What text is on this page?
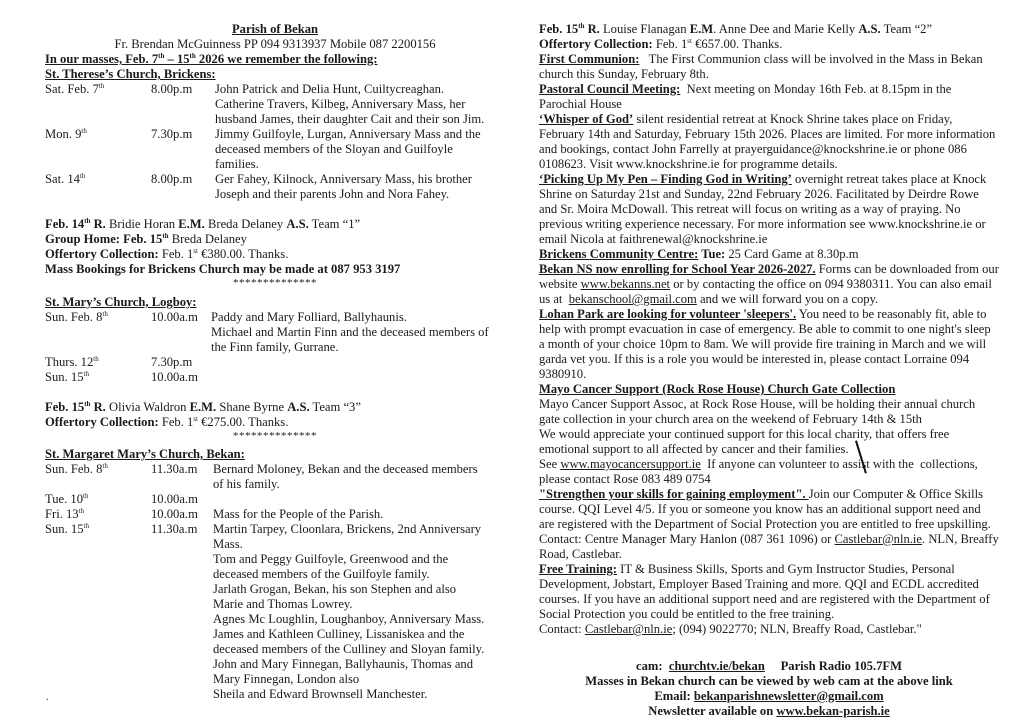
Parish of Bekan
Fr. Brendan McGuinness PP 094 9313937 Mobile 087 2200156
In our masses, Feb. 7th – 15th 2026 we remember the following:
St. Therese’s Church, Brickens:
Sat. Feb. 7th	8.00p.m John Patrick and Delia Hunt, Cuiltycreaghan.
Catherine Travers, Kilbeg, Anniversary Mass, her
husband James, their daughter Cait and their son Jim.
Mon. 9th	7.30p.m Jimmy Guilfoyle, Lurgan, Anniversary Mass and the
deceased members of the Sloyan and Guilfoyle
families.
Sat. 14th	8.00p.m Ger Fahey, Kilnock, Anniversary Mass, his brother
Joseph and their parents John and Nora Fahey.
Feb. 14th R. Bridie Horan E.M. Breda Delaney A.S. Team “1”
Group Home: Feb. 15th Breda Delaney
Offertory Collection: Feb. 1st €380.00. Thanks.
Mass Bookings for Brickens Church may be made at 087 953 3197
**************
St. Mary’s Church, Logboy:
Sun. Feb. 8th	10.00a.m Paddy and Mary Folliard, Ballyhaunis.
Michael and Martin Finn and the deceased members of
the Finn family, Gurrane.
Thurs. 12th	7.30p.m
Sun. 15th	10.00a.m
Feb. 15th R. Olivia Waldron E.M. Shane Byrne A.S. Team “3”
Offertory Collection: Feb. 1st €275.00. Thanks.
**************
St. Margaret Mary’s Church, Bekan:
Sun. Feb. 8th	11.30a.m Bernard Moloney, Bekan and the deceased members
of his family.
Tue. 10th	10.00a.m
Fri. 13th	10.00a.m Mass for the People of the Parish.
Sun. 15th	11.30a.m Martin Tarpey, Cloonlara, Brickens, 2nd Anniversary
Mass.
Tom and Peggy Guilfoyle, Greenwood and the
deceased members of the Guilfoyle family.
Jarlath Grogan, Bekan, his son Stephen and also
Marie and Thomas Lowrey.
Agnes Mc Loughlin, Loughanboy, Anniversary Mass.
James and Kathleen Culliney, Lissaniskea and the
deceased members of the Culliney and Sloyan family.
John and Mary Finnegan, Ballyhaunis, Thomas and
Mary Finnegan, London also
Sheila and Edward Brownsell Manchester.
.
Feb. 15th R. Louise Flanagan E.M. Anne Dee and Marie Kelly A.S. Team “2”
Offertory Collection: Feb. 1st €657.00. Thanks.

First Communion:   The First Communion class will be involved in the Mass in Bekan church this Sunday, February 8th.

Pastoral Council Meeting:  Next meeting on Monday 16th Feb. at 8.15pm in the Parochial House

‘Whisper of God’ silent residential retreat at Knock Shrine takes place on Friday, February 14th and Saturday, February 15th 2026. Places are limited. For more information and bookings, contact John Farrelly at prayerguidance@knockshrine.ie or phone 086 0108623. Visit www.knockshrine.ie for programme details.

‘Picking Up My Pen – Finding God in Writing’ overnight retreat takes place at Knock Shrine on Saturday 21st and Sunday, 22nd February 2026. Facilitated by Deirdre Rowe and Sr. Moira McDowall. This retreat will focus on writing as a way of praying. No previous writing experience necessary. For more information see www.knockshrine.ie or email Nicola at faithrenewal@knockshrine.ie

Brickens Community Centre: Tue: 25 Card Game at 8.30p.m

Bekan NS now enrolling for School Year 2026-2027. Forms can be downloaded from our website www.bekanns.net or by contacting the office on 094 9380311. You can also email us at  bekanschool@gmail.com and we will forward you on a copy.

Lohan Park are looking for volunteer 'sleepers'. You need to be reasonably fit, able to help with prompt evacuation in case of emergency. Be able to commit to one night's sleep a month of your choice 10pm to 8am. We will provide fire training in March and we will garda vet you. If this is a role you would be interested in, please contact Lorraine 094 9380910.

Mayo Cancer Support (Rock Rose House) Church Gate Collection

Mayo Cancer Support Assoc, at Rock Rose House, will be holding their annual church gate collection in your church area on the weekend of February 14th & 15th

We would appreciate your continued support for this local charity, that offers free emotional support to all affected by cancer and their families.

See www.mayocancersupport.ie  If anyone can volunteer to assist with the  collections, please contact Rose 083 489 0754

"Strengthen your skills for gaining employment". Join our Computer & Office Skills course. QQI Level 4/5. If you or someone you know has an additional support need and are registered with the Department of Social Protection you are entitled to free upskilling. Contact: Centre Manager Mary Hanlon (087 361 1096) or Castlebar@nln.ie. NLN, Breaffy Road, Castlebar.

Free Training: IT & Business Skills, Sports and Gym Instructor Studies, Personal Development, Jobstart, Employer Based Training and more. QQI and ECDL accredited courses. If you have an additional support need and are registered with the Department of Social Protection you could be entitled to the free training.

Contact: Castlebar@nln.ie; (094) 9022770; NLN, Breaffy Road, Castlebar."

cam:  churchtv.ie/bekan     Parish Radio 105.7FM
Masses in Bekan church can be viewed by web cam at the above link
Email: bekanparishnewsletter@gmail.com
Newsletter available on www.bekan-parish.ie
